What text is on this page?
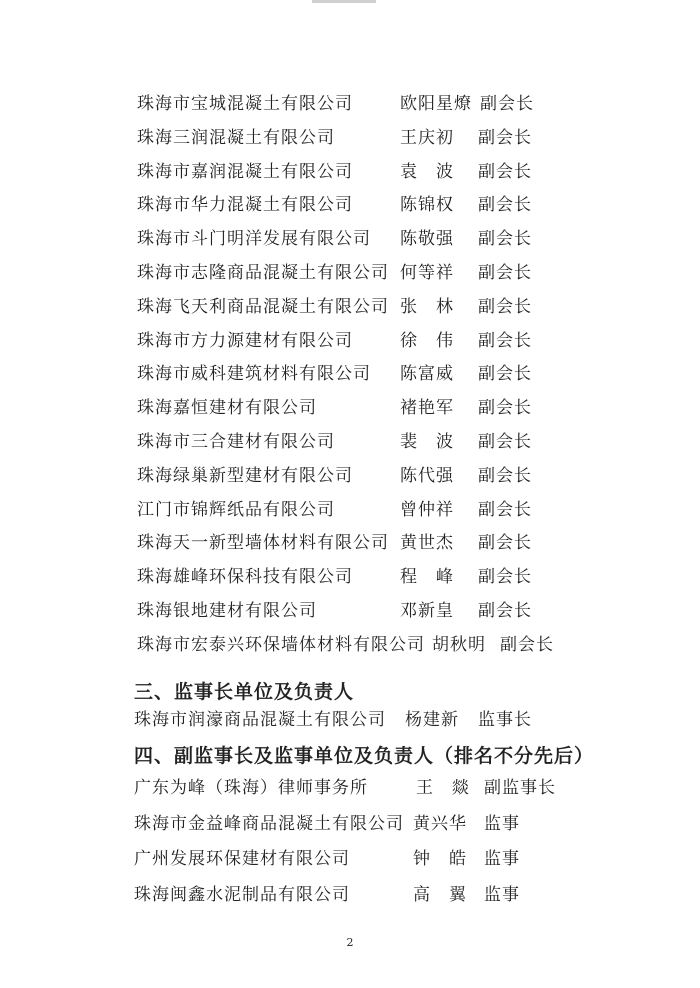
珠海市宝城混凝土有限公司	欧阳星燎 副会长
珠海三润混凝土有限公司	王庆初 副会长
珠海市嘉润混凝土有限公司	袁　波 副会长
珠海市华力混凝土有限公司	陈锦权 副会长
珠海市斗门明洋发展有限公司 陈敬强 副会长
珠海市志隆商品混凝土有限公司 何等祥 副会长
珠海飞天利商品混凝土有限公司 张　林 副会长
珠海市方力源建材有限公司	徐　伟 副会长
珠海市威科建筑材料有限公司 陈富威 副会长
珠海嘉恒建材有限公司	褚艳军 副会长
珠海市三合建材有限公司	裴　波 副会长
珠海绿巢新型建材有限公司	陈代强 副会长
江门市锦辉纸品有限公司	曾仲祥 副会长
珠海天一新型墙体材料有限公司 黄世杰 副会长
珠海雄峰环保科技有限公司	程　峰 副会长
珠海银地建材有限公司	邓新皇 副会长
珠海市宏泰兴环保墙体材料有限公司 胡秋明 副会长
三、监事长单位及负责人
珠海市润濠商品混凝土有限公司 杨建新 监事长
四、副监事长及监事单位及负责人（排名不分先后）
广东为峰（珠海）律师事务所	王　燚 副监事长
珠海市金益峰商品混凝土有限公司 黄兴华 监事
广州发展环保建材有限公司	钟　皓 监事
珠海闽鑫水泥制品有限公司	高　翼 监事
2
